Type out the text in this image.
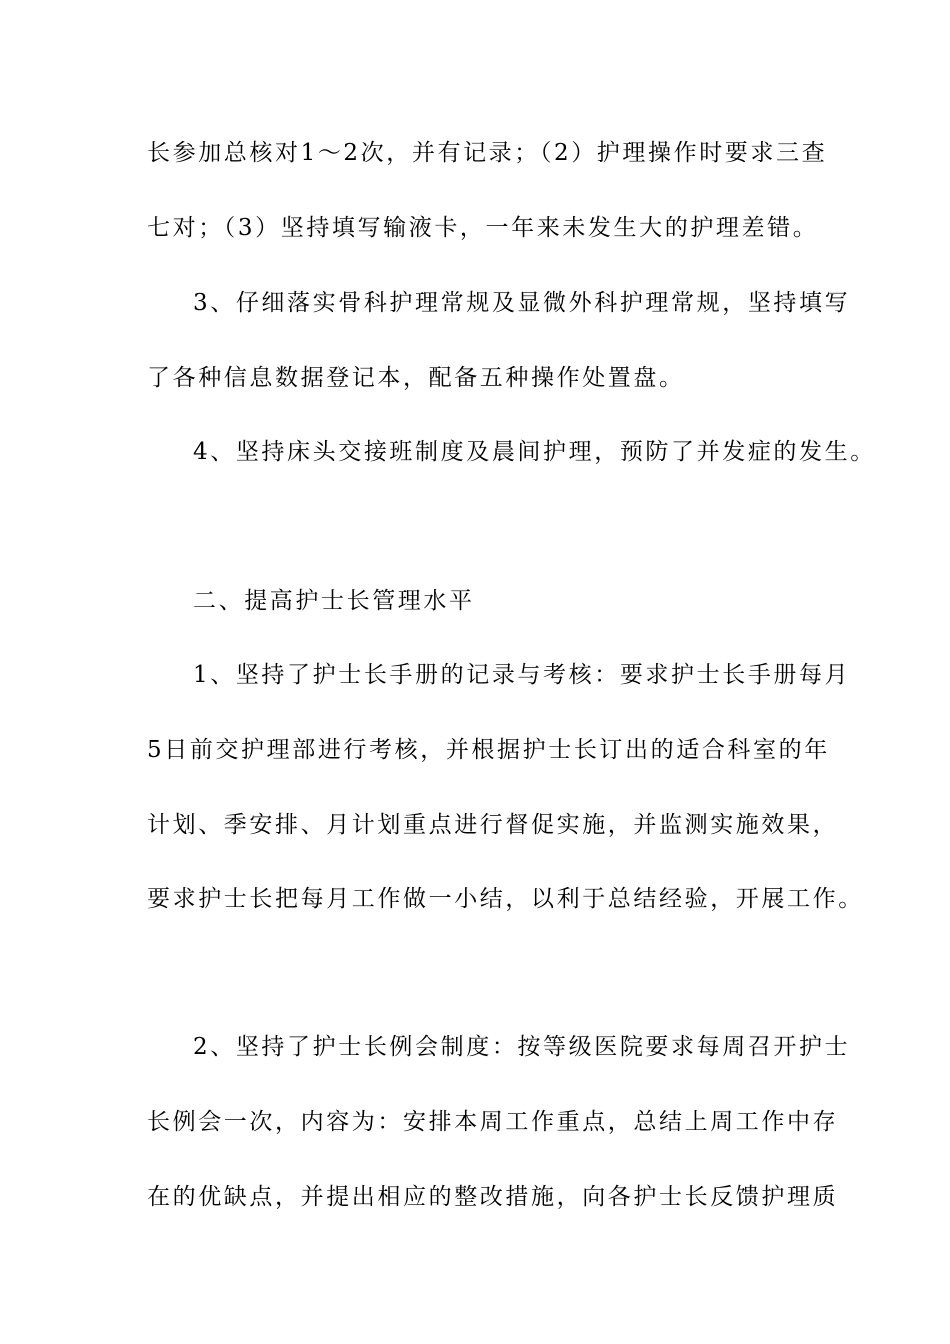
长参加总核对1～2次，并有记录；（2）护理操作时要求三查
七对；（3）坚持填写输液卡，一年来未发生大的护理差错。
3、仔细落实骨科护理常规及显微外科护理常规，坚持填写
了各种信息数据登记本，配备五种操作处置盘。
4、坚持床头交接班制度及晨间护理，预防了并发症的发生。
二、提高护士长管理水平
1、坚持了护士长手册的记录与考核：要求护士长手册每月
5日前交护理部进行考核，并根据护士长订出的适合科室的年
计划、季安排、月计划重点进行督促实施，并监测实施效果，
要求护士长把每月工作做一小结，以利于总结经验，开展工作。
2、坚持了护士长例会制度：按等级医院要求每周召开护士
长例会一次，内容为：安排本周工作重点，总结上周工作中存
在的优缺点，并提出相应的整改措施，向各护士长反馈护理质
